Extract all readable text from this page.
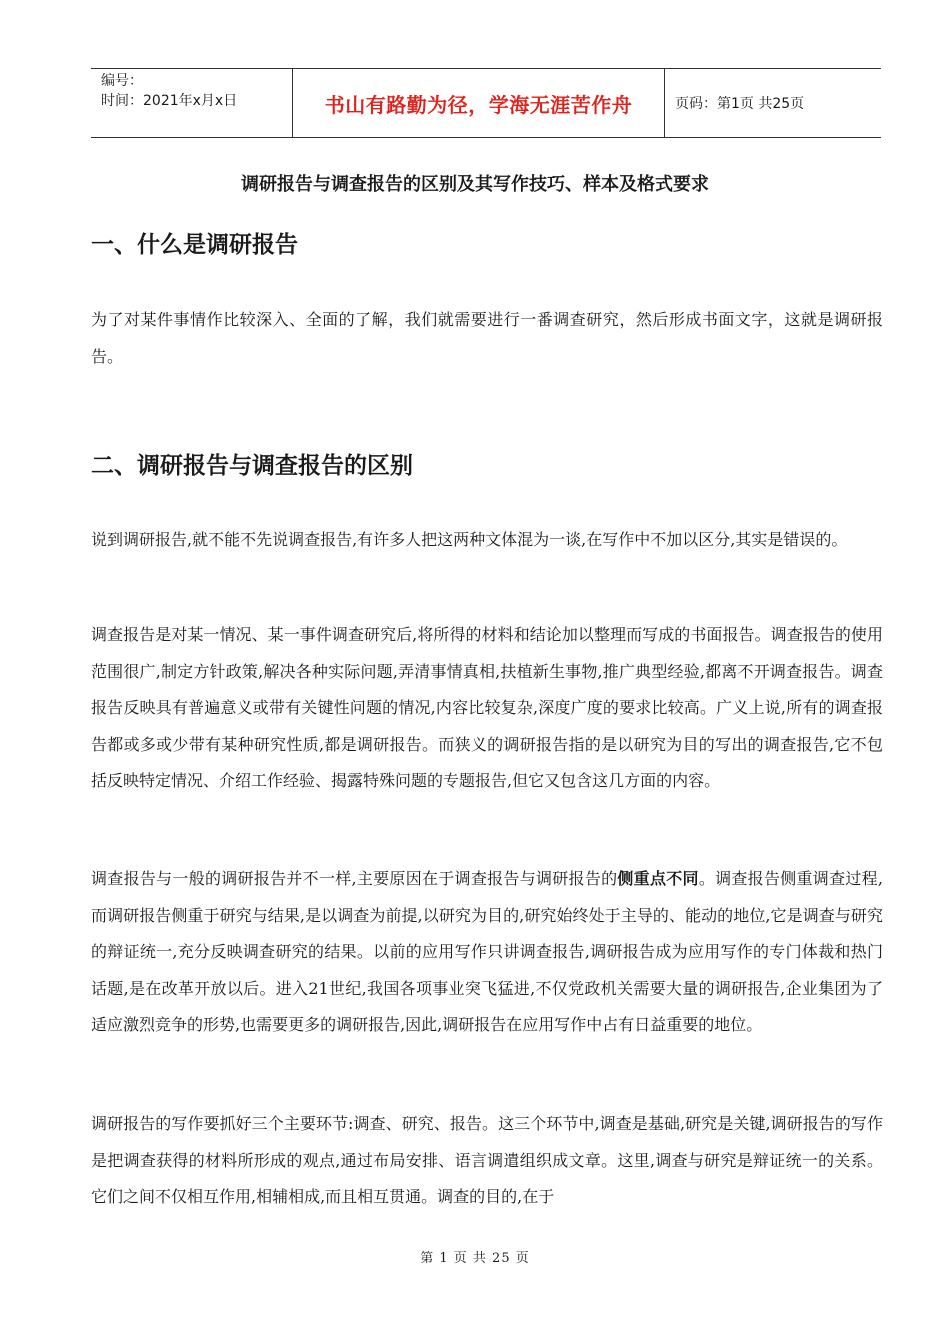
编号：
时间：2021年x月x日	书山有路勤为径，学海无涯苦作舟	页码：第1页 共25页
调研报告与调查报告的区别及其写作技巧、样本及格式要求
一、什么是调研报告

为了对某件事情作比较深入、全面的了解，我们就需要进行一番调查研究，然后形成书面文字，这就是调研报告。

二、调研报告与调查报告的区别

说到调研报告,就不能不先说调查报告,有许多人把这两种文体混为一谈,在写作中不加以区分,其实是错误的。

调查报告是对某一情况、某一事件调查研究后,将所得的材料和结论加以整理而写成的书面报告。调查报告的使用范围很广,制定方针政策,解决各种实际问题,弄清事情真相,扶植新生事物,推广典型经验,都离不开调查报告。调查报告反映具有普遍意义或带有关键性问题的情况,内容比较复杂,深度广度的要求比较高。广义上说,所有的调查报告都或多或少带有某种研究性质,都是调研报告。而狭义的调研报告指的是以研究为目的写出的调查报告,它不包括反映特定情况、介绍工作经验、揭露特殊问题的专题报告,但它又包含这几方面的内容。

调查报告与一般的调研报告并不一样,主要原因在于调查报告与调研报告的侧重点不同。调查报告侧重调查过程,而调研报告侧重于研究与结果,是以调查为前提,以研究为目的,研究始终处于主导的、能动的地位,它是调查与研究的辩证统一,充分反映调查研究的结果。以前的应用写作只讲调查报告,调研报告成为应用写作的专门体裁和热门话题,是在改革开放以后。进入21世纪,我国各项事业突飞猛进,不仅党政机关需要大量的调研报告,企业集团为了适应激烈竞争的形势,也需要更多的调研报告,因此,调研报告在应用写作中占有日益重要的地位。

调研报告的写作要抓好三个主要环节:调查、研究、报告。这三个环节中,调查是基础,研究是关键,调研报告的写作是把调查获得的材料所形成的观点,通过布局安排、语言调遣组织成文章。这里,调查与研究是辩证统一的关系。它们之间不仅相互作用,相辅相成,而且相互贯通。调查的目的,在于

第 1 页 共 25 页
